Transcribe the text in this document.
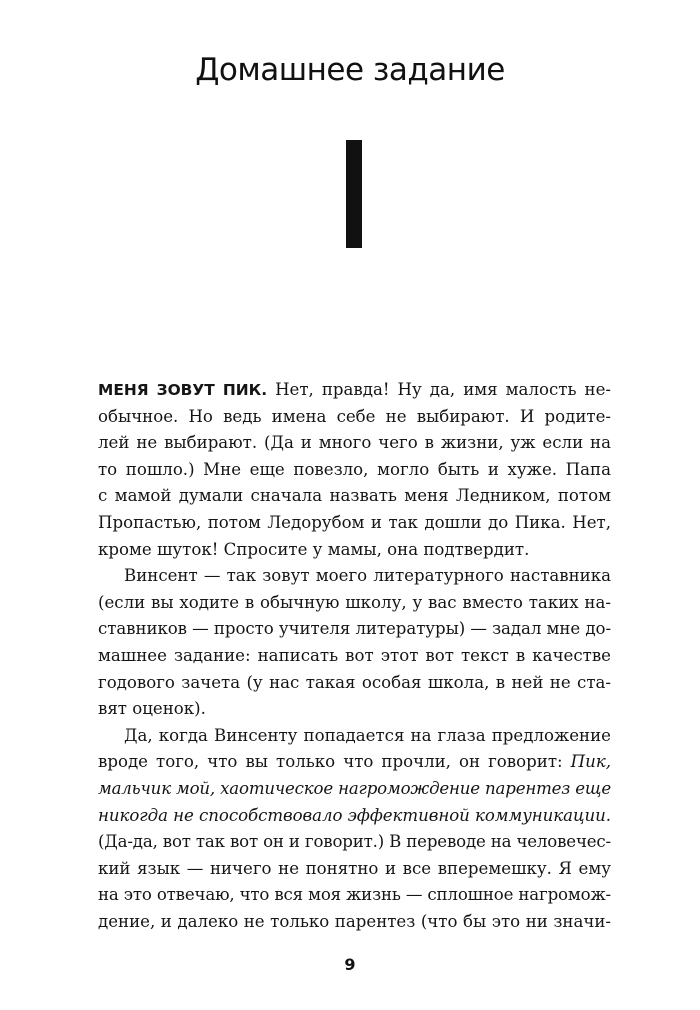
Домашнее задание
МЕНЯ ЗОВУТ ПИК. Нет, правда! Ну да, имя малость не-
обычное. Но ведь имена себе не выбирают. И родите-
лей не выбирают. (Да и много чего в жизни, уж если на
то пошло.) Мне еще повезло, могло быть и хуже. Папа
с мамой думали сначала назвать меня Ледником, потом
Пропастью, потом Ледорубом и так дошли до Пика. Нет,
кроме шуток! Спросите у мамы, она подтвердит.
Винсент — так зовут моего литературного наставника
(если вы ходите в обычную школу, у вас вместо таких на-
ставников — просто учителя литературы) — задал мне до-
машнее задание: написать вот этот вот текст в качестве
годового зачета (у нас такая особая школа, в ней не ста-
вят оценок).
Да, когда Винсенту попадается на глаза предложение
вроде того, что вы только что прочли, он говорит: Пик,
мальчик мой, хаотическое нагромождение парентез еще
никогда не способствовало эффективной коммуникации.
(Да-да, вот так вот он и говорит.) В переводе на человечес-
кий язык — ничего не понятно и все вперемешку. Я ему
на это отвечаю, что вся моя жизнь — сплошное нагромож-
дение, и далеко не только парентез (что бы это ни значи-
9
